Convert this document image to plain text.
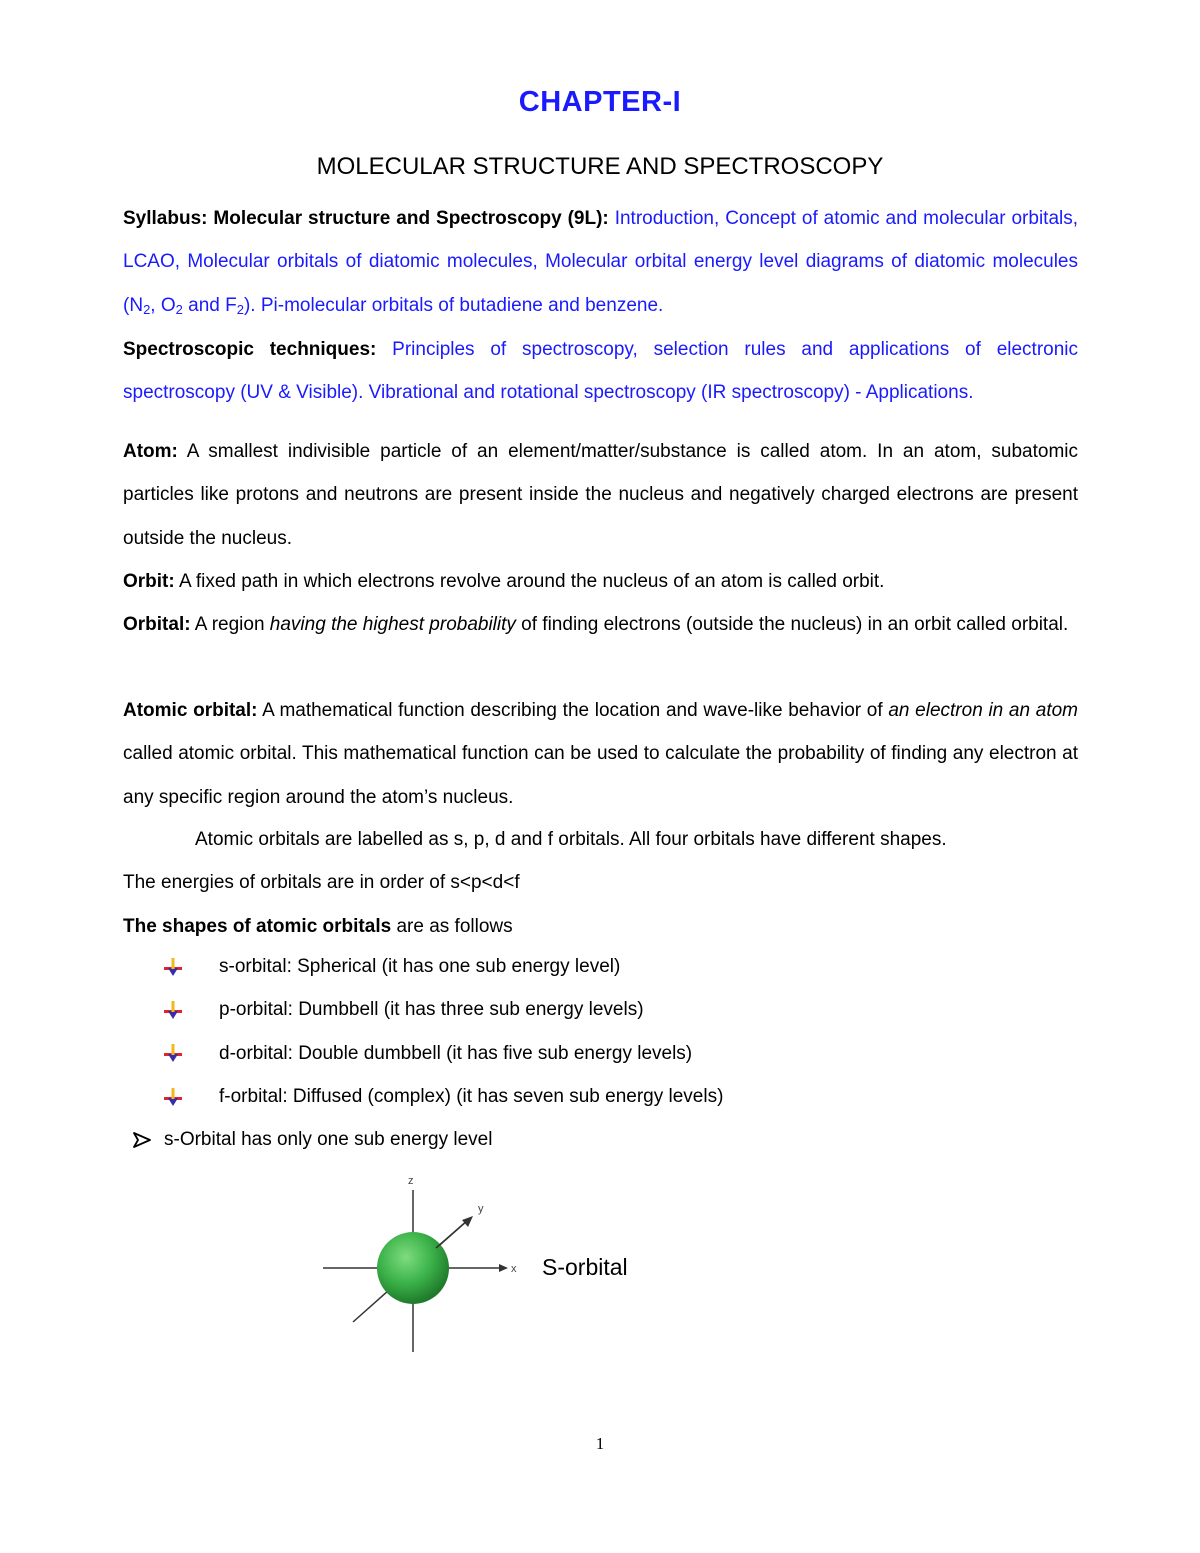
CHAPTER-I
MOLECULAR STRUCTURE AND SPECTROSCOPY
Syllabus: Molecular structure and Spectroscopy (9L): Introduction, Concept of atomic and molecular orbitals, LCAO, Molecular orbitals of diatomic molecules, Molecular orbital energy level diagrams of diatomic molecules ($N_2$, $O_2$ and $F_2$). Pi-molecular orbitals of butadiene and benzene.
Spectroscopic techniques: Principles of spectroscopy, selection rules and applications of electronic spectroscopy (UV & Visible). Vibrational and rotational spectroscopy (IR spectroscopy) - Applications.
Atom: A smallest indivisible particle of an element/matter/substance is called atom. In an atom, subatomic particles like protons and neutrons are present inside the nucleus and negatively charged electrons are present outside the nucleus.
Orbit: A fixed path in which electrons revolve around the nucleus of an atom is called orbit.
Orbital: A region having the highest probability of finding electrons (outside the nucleus) in an orbit called orbital.
Atomic orbital: A mathematical function describing the location and wave-like behavior of an electron in an atom called atomic orbital. This mathematical function can be used to calculate the probability of finding any electron at any specific region around the atom’s nucleus.
Atomic orbitals are labelled as s, p, d and f orbitals. All four orbitals have different shapes.
The energies of orbitals are in order of s<p<d<f
The shapes of atomic orbitals are as follows
s-orbital: Spherical (it has one sub energy level)
p-orbital: Dumbbell (it has three sub energy levels)
d-orbital: Double dumbbell (it has five sub energy levels)
f-orbital: Diffused (complex) (it has seven sub energy levels)
s-Orbital has only one sub energy level
z
y
x S-orbital
1
